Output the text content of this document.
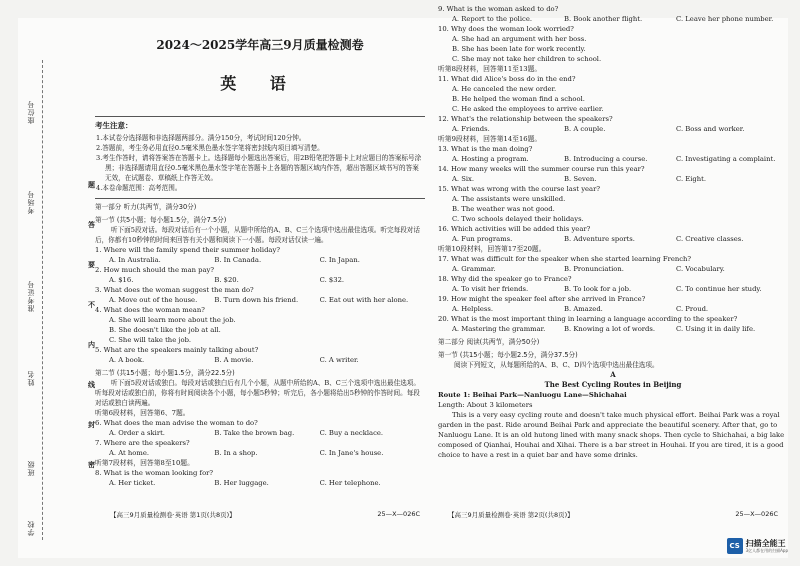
座位号
考场号
准考证号
姓名
班级
学校
题
答
要
不
内
线
封
密
2024～2025学年高三9月质量检测卷
英 语
考生注意：

1.本试卷分选择题和非选择题两部分。满分150分，考试时间120分钟。

2.答题前，考生务必用直径0.5毫米黑色墨水签字笔将密封线内项目填写清楚。

3.考生作答时，请将答案答在答题卡上。选择题每小题选出答案后，用2B铅笔把答题卡上对应题目的答案标号涂黑；非选择题请用直径0.5毫米黑色墨水签字笔在答题卡上各题的答题区域内作答，超出答题区域书写的答案无效，在试题卷、草稿纸上作答无效。

4.本卷命题范围：高考范围。

第一部分 听力(共两节，满分30分)
第一节 (共5小题；每小题1.5分，满分7.5分)
听下面5段对话。每段对话后有一个小题，从题中所给的A、B、C三个选项中选出最佳选项。听完每段对话后，你都有10秒钟的时间来回答有关小题和阅读下一小题。每段对话仅读一遍。
1. Where will the family spend their summer holiday?
A. In Australia.	B. In Canada.	C. In Japan.
2. How much should the man pay?
A. $16.	B. $20.	C. $32.
3. What does the woman suggest the man do?
A. Move out of the house.	B. Turn down his friend.	C. Eat out with her alone.
4. What does the woman mean?
A. She will learn more about the job.
B. She doesn't like the job at all.
C. She will take the job.
5. What are the speakers mainly talking about?
A. A book.	B. A movie.	C. A writer.
第二节 (共15小题；每小题1.5分，满分22.5分)
听下面5段对话或独白。每段对话或独白后有几个小题，从题中所给的A、B、C三个选项中选出最佳选项。听每段对话或独白前，你将有时间阅读各个小题，每小题5秒钟；听完后，各小题将给出5秒钟的作答时间。每段对话或独白读两遍。
听第6段材料，回答第6、7题。
6. What does the man advise the woman to do?
A. Order a skirt.	B. Take the brown bag.	C. Buy a necklace.
7. Where are the speakers?
A. At home.	B. In a shop.	C. In Jane's house.
听第7段材料，回答第8至10题。
8. What is the woman looking for?
A. Her ticket.	B. Her luggage.	C. Her telephone.
9. What is the woman asked to do?
A. Report to the police.	B. Book another flight.	C. Leave her phone number.
10. Why does the woman look worried?
A. She had an argument with her boss.
B. She has been late for work recently.
C. She may not take her children to school.
听第8段材料，回答第11至13题。
11. What did Alice's boss do in the end?
A. He canceled the new order.
B. He helped the woman find a school.
C. He asked the employees to arrive earlier.
12. What's the relationship between the speakers?
A. Friends.	B. A couple.	C. Boss and worker.
听第9段材料，回答第14至16题。
13. What is the man doing?
A. Hosting a program.	B. Introducing a course.	C. Investigating a complaint.
14. How many weeks will the summer course run this year?
A. Six.	B. Seven.	C. Eight.
15. What was wrong with the course last year?
A. The assistants were unskilled.
B. The weather was not good.
C. Two schools delayed their holidays.
16. Which activities will be added this year?
A. Fun programs.	B. Adventure sports.	C. Creative classes.
听第10段材料，回答第17至20题。
17. What was difficult for the speaker when she started learning French?
A. Grammar.	B. Pronunciation.	C. Vocabulary.
18. Why did the speaker go to France?
A. To visit her friends.	B. To look for a job.	C. To continue her study.
19. How might the speaker feel after she arrived in France?
A. Helpless.	B. Amazed.	C. Proud.
20. What is the most important thing in learning a language according to the speaker?
A. Mastering the grammar.	B. Knowing a lot of words.	C. Using it in daily life.
第二部分 阅读(共两节，满分50分)
第一节 (共15小题；每小题2.5分，满分37.5分)
阅读下列短文，从每题所给的A、B、C、D四个选项中选出最佳选项。
A
The Best Cycling Routes in Beijing
Route 1: Beihai Park—Nanluogu Lane—Shichahai
Length: About 3 kilometers
This is a very easy cycling route and doesn't take much physical effort. Beihai Park was a royal garden in the past. Ride around Beihai Park and appreciate the beautiful scenery. After that, go to Nanluogu Lane. It is an old hutong lined with many snack shops. Then cycle to Shichahai, a big lake composed of Qianhai, Houhai and Xihai. There is a bar street in Houhai. If you are tired, it is a good choice to have a rest in a quiet bar and have some drinks.
【高三9月质量检测卷·英语 第1页(共8页)】	25—X—026C	【高三9月质量检测卷·英语 第2页(共8页)】	25—X—026C
CS 扫描全能王
3亿人都在用的扫描App
